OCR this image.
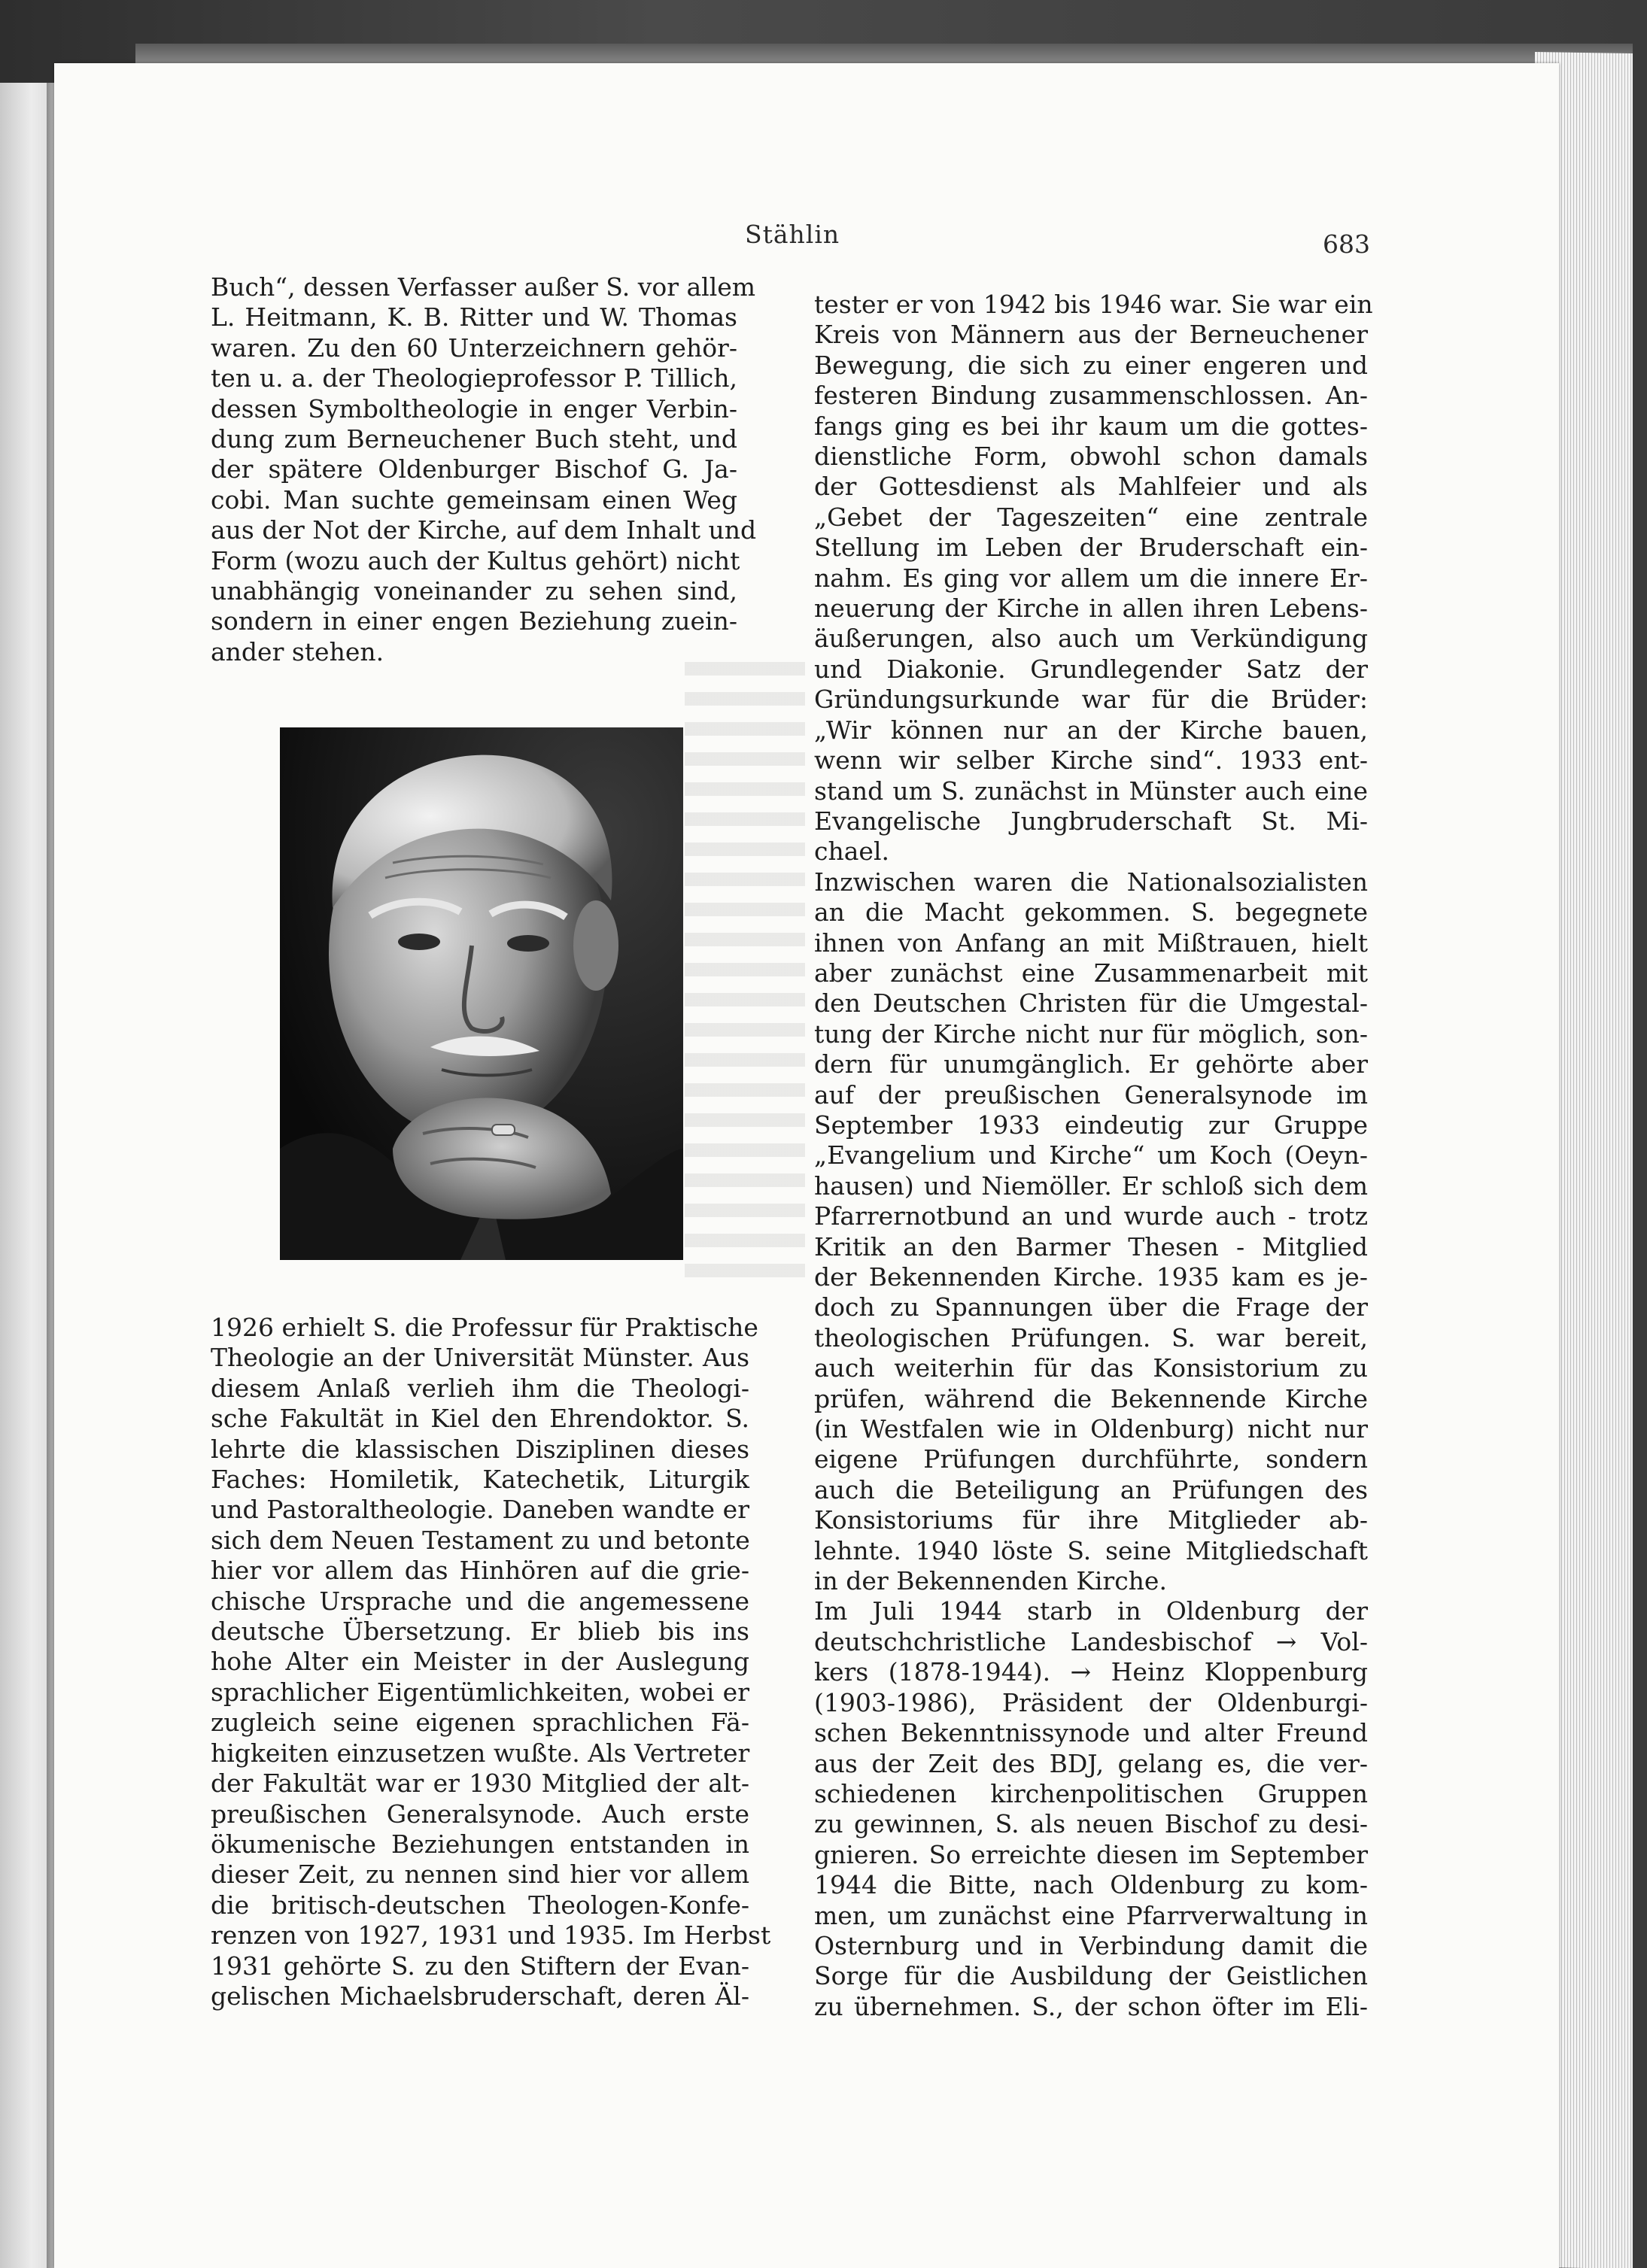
Stählin	683
Buch“, dessen Verfasser außer S. vor allem
L. Heitmann, K. B. Ritter und W. Thomas
waren. Zu den 60 Unterzeichnern gehör-
ten u. a. der Theologieprofessor P. Tillich,
dessen Symboltheologie in enger Verbin-
dung zum Berneuchener Buch steht, und
der spätere Oldenburger Bischof G. Ja-
cobi. Man suchte gemeinsam einen Weg
aus der Not der Kirche, auf dem Inhalt und
Form (wozu auch der Kultus gehört) nicht
unabhängig voneinander zu sehen sind,
sondern in einer engen Beziehung zuein-
ander stehen.
1926 erhielt S. die Professur für Praktische
Theologie an der Universität Münster. Aus
diesem Anlaß verlieh ihm die Theologi-
sche Fakultät in Kiel den Ehrendoktor. S.
lehrte die klassischen Disziplinen dieses
Faches: Homiletik, Katechetik, Liturgik
und Pastoraltheologie. Daneben wandte er
sich dem Neuen Testament zu und betonte
hier vor allem das Hinhören auf die grie-
chische Ursprache und die angemessene
deutsche Übersetzung. Er blieb bis ins
hohe Alter ein Meister in der Auslegung
sprachlicher Eigentümlichkeiten, wobei er
zugleich seine eigenen sprachlichen Fä-
higkeiten einzusetzen wußte. Als Vertreter
der Fakultät war er 1930 Mitglied der alt-
preußischen Generalsynode. Auch erste
ökumenische Beziehungen entstanden in
dieser Zeit, zu nennen sind hier vor allem
die britisch-deutschen Theologen-Konfe-
renzen von 1927, 1931 und 1935. Im Herbst
1931 gehörte S. zu den Stiftern der Evan-
gelischen Michaelsbruderschaft, deren Äl-
tester er von 1942 bis 1946 war. Sie war ein
Kreis von Männern aus der Berneuchener
Bewegung, die sich zu einer engeren und
festeren Bindung zusammenschlossen. An-
fangs ging es bei ihr kaum um die gottes-
dienstliche Form, obwohl schon damals
der Gottesdienst als Mahlfeier und als
„Gebet der Tageszeiten“ eine zentrale
Stellung im Leben der Bruderschaft ein-
nahm. Es ging vor allem um die innere Er-
neuerung der Kirche in allen ihren Lebens-
äußerungen, also auch um Verkündigung
und Diakonie. Grundlegender Satz der
Gründungsurkunde war für die Brüder:
„Wir können nur an der Kirche bauen,
wenn wir selber Kirche sind“. 1933 ent-
stand um S. zunächst in Münster auch eine
Evangelische Jungbruderschaft St. Mi-
chael.
Inzwischen waren die Nationalsozialisten
an die Macht gekommen. S. begegnete
ihnen von Anfang an mit Mißtrauen, hielt
aber zunächst eine Zusammenarbeit mit
den Deutschen Christen für die Umgestal-
tung der Kirche nicht nur für möglich, son-
dern für unumgänglich. Er gehörte aber
auf der preußischen Generalsynode im
September 1933 eindeutig zur Gruppe
„Evangelium und Kirche“ um Koch (Oeyn-
hausen) und Niemöller. Er schloß sich dem
Pfarrernotbund an und wurde auch - trotz
Kritik an den Barmer Thesen - Mitglied
der Bekennenden Kirche. 1935 kam es je-
doch zu Spannungen über die Frage der
theologischen Prüfungen. S. war bereit,
auch weiterhin für das Konsistorium zu
prüfen, während die Bekennende Kirche
(in Westfalen wie in Oldenburg) nicht nur
eigene Prüfungen durchführte, sondern
auch die Beteiligung an Prüfungen des
Konsistoriums für ihre Mitglieder ab-
lehnte. 1940 löste S. seine Mitgliedschaft
in der Bekennenden Kirche.
Im Juli 1944 starb in Oldenburg der
deutschchristliche Landesbischof → Vol-
kers (1878-1944). → Heinz Kloppenburg
(1903-1986), Präsident der Oldenburgi-
schen Bekenntnissynode und alter Freund
aus der Zeit des BDJ, gelang es, die ver-
schiedenen kirchenpolitischen Gruppen
zu gewinnen, S. als neuen Bischof zu desi-
gnieren. So erreichte diesen im September
1944 die Bitte, nach Oldenburg zu kom-
men, um zunächst eine Pfarrverwaltung in
Osternburg und in Verbindung damit die
Sorge für die Ausbildung der Geistlichen
zu übernehmen. S., der schon öfter im Eli-
